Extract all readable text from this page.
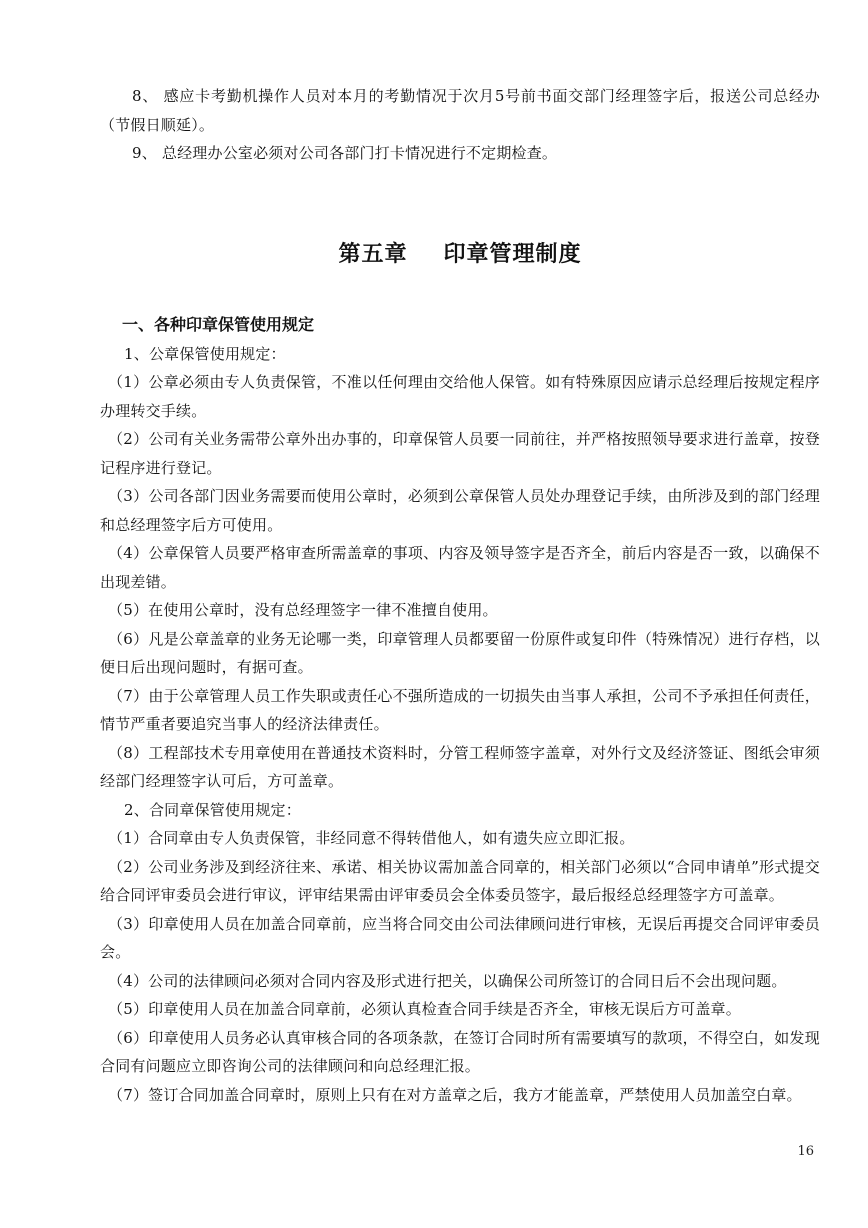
8、 感应卡考勤机操作人员对本月的考勤情况于次月5号前书面交部门经理签字后，报送公司总经办（节假日顺延）。

9、 总经理办公室必须对公司各部门打卡情况进行不定期检查。

第五章 印章管理制度

一、各种印章保管使用规定

1、公章保管使用规定：

（1）公章必须由专人负责保管，不准以任何理由交给他人保管。如有特殊原因应请示总经理后按规定程序办理转交手续。

（2）公司有关业务需带公章外出办事的，印章保管人员要一同前往，并严格按照领导要求进行盖章，按登记程序进行登记。

（3）公司各部门因业务需要而使用公章时，必须到公章保管人员处办理登记手续，由所涉及到的部门经理和总经理签字后方可使用。

（4）公章保管人员要严格审查所需盖章的事项、内容及领导签字是否齐全，前后内容是否一致，以确保不出现差错。

（5）在使用公章时，没有总经理签字一律不准擅自使用。

（6）凡是公章盖章的业务无论哪一类，印章管理人员都要留一份原件或复印件（特殊情况）进行存档，以便日后出现问题时，有据可查。

（7）由于公章管理人员工作失职或责任心不强所造成的一切损失由当事人承担，公司不予承担任何责任，情节严重者要追究当事人的经济法律责任。

（8）工程部技术专用章使用在普通技术资料时，分管工程师签字盖章，对外行文及经济签证、图纸会审须经部门经理签字认可后，方可盖章。

2、合同章保管使用规定：

（1）合同章由专人负责保管，非经同意不得转借他人，如有遗失应立即汇报。

（2）公司业务涉及到经济往来、承诺、相关协议需加盖合同章的，相关部门必须以“合同申请单”形式提交给合同评审委员会进行审议，评审结果需由评审委员会全体委员签字，最后报经总经理签字方可盖章。

（3）印章使用人员在加盖合同章前，应当将合同交由公司法律顾问进行审核，无误后再提交合同评审委员会。

（4）公司的法律顾问必须对合同内容及形式进行把关，以确保公司所签订的合同日后不会出现问题。

（5）印章使用人员在加盖合同章前，必须认真检查合同手续是否齐全，审核无误后方可盖章。

（6）印章使用人员务必认真审核合同的各项条款，在签订合同时所有需要填写的款项，不得空白，如发现合同有问题应立即咨询公司的法律顾问和向总经理汇报。

（7）签订合同加盖合同章时，原则上只有在对方盖章之后，我方才能盖章，严禁使用人员加盖空白章。

16
